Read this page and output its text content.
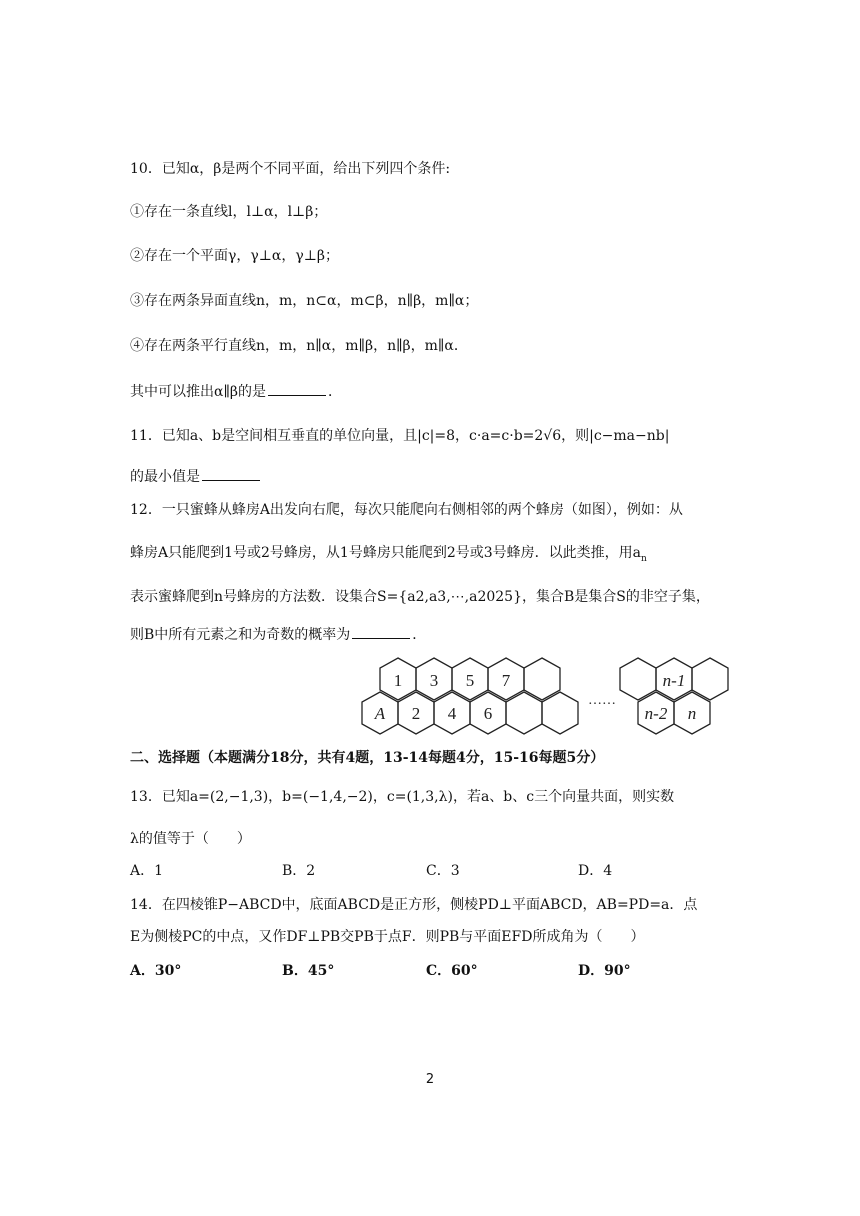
10．已知α，β是两个不同平面，给出下列四个条件:
①存在一条直线l，l⊥α，l⊥β；
②存在一个平面γ，γ⊥α，γ⊥β；
③存在两条异面直线n，m，n⊂α，m⊂β，n∥β，m∥α；
④存在两条平行直线n，m，n∥α，m∥β，n∥β，m∥α．
其中可以推出α∥β的是	．
11．已知a、b是空间相互垂直的单位向量，且|c|=8，c·a=c·b=2√6，则|c−ma−nb|
的最小值是
12．一只蜜蜂从蜂房A出发向右爬，每次只能爬向右侧相邻的两个蜂房（如图），例如：从
蜂房A只能爬到1号或2号蜂房，从1号蜂房只能爬到2号或3号蜂房．以此类推，用$a_n$
表示蜜蜂爬到n号蜂房的方法数．设集合S={a2,a3,⋯,a2025}，集合B是集合S的非空子集，
则B中所有元素之和为奇数的概率为	．
1 3 5 7
A 2 4 6
……
n-1
n-2 n
二、选择题（本题满分18分，共有4题，13-14每题4分，15-16每题5分）
13．已知a=(2,−1,3)，b=(−1,4,−2)，c=(1,3,λ)，若a、b、c三个向量共面，则实数
λ的值等于（　　）
A．1	B．2	C．3	D．4
14．在四棱锥P−ABCD中，底面ABCD是正方形，侧棱PD⊥平面ABCD，AB=PD=a．点
E为侧棱PC的中点，又作DF⊥PB交PB于点F．则PB与平面EFD所成角为（　　）
A．30°	B．45°	C．60°	D．90°
2
